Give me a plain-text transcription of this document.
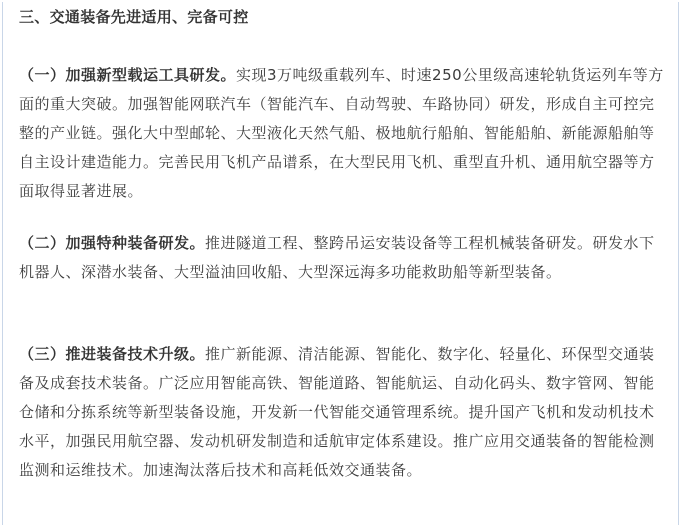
三、交通装备先进适用、完备可控

（一）加强新型载运工具研发。实现3万吨级重载列车、时速250公里级高速轮轨货运列车等方面的重大突破。加强智能网联汽车（智能汽车、自动驾驶、车路协同）研发，形成自主可控完整的产业链。强化大中型邮轮、大型液化天然气船、极地航行船舶、智能船舶、新能源船舶等自主设计建造能力。完善民用飞机产品谱系，在大型民用飞机、重型直升机、通用航空器等方面取得显著进展。

（二）加强特种装备研发。推进隧道工程、整跨吊运安装设备等工程机械装备研发。研发水下机器人、深潜水装备、大型溢油回收船、大型深远海多功能救助船等新型装备。

（三）推进装备技术升级。推广新能源、清洁能源、智能化、数字化、轻量化、环保型交通装备及成套技术装备。广泛应用智能高铁、智能道路、智能航运、自动化码头、数字管网、智能仓储和分拣系统等新型装备设施，开发新一代智能交通管理系统。提升国产飞机和发动机技术水平，加强民用航空器、发动机研发制造和适航审定体系建设。推广应用交通装备的智能检测监测和运维技术。加速淘汰落后技术和高耗低效交通装备。
